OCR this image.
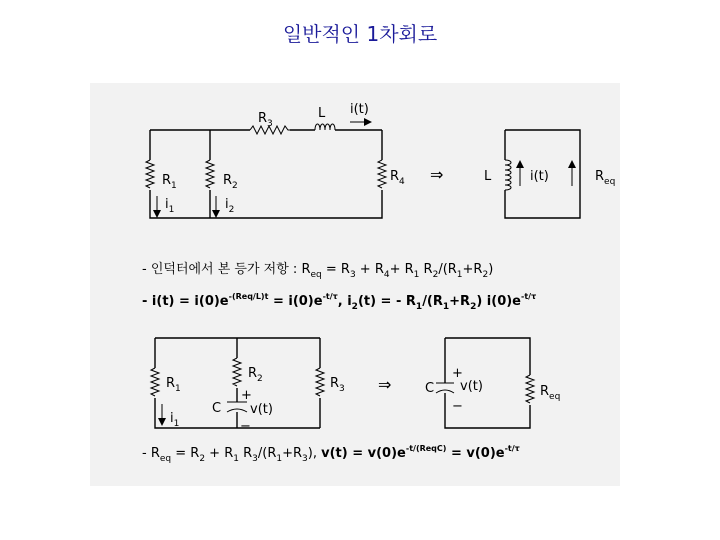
일반적인 1차회로
$R_3$
L i(t)
$R_1$	$R_2$
$R_4$
$i_1$	$i_2$
⇒	L	i(t)	$R_{eq}$
- 인덕터에서 본 등가 저항 : $R_{eq} = R_3 + R_4+ R_1$ $R_2/(R_1+R_2)$
- $i(t) = i(0)e^{-(Req/L)t} = i(0)e^{-t/\tau}$, $i_2(t)$ = - $R_1/(R_1+R_2)$ $i(0)e^{-t/\tau}$
$R_1$
$R_2$	$R_3$
+
C v(t)
−
$i_1$
⇒
+
C v(t)
−
$R_{eq}$
- $R_{eq} = R_2 + R_1$ $R_3/(R_1+R_3)$, $v(t) = v(0)e^{-t/(ReqC)} = v(0)e^{-t/\tau}$
